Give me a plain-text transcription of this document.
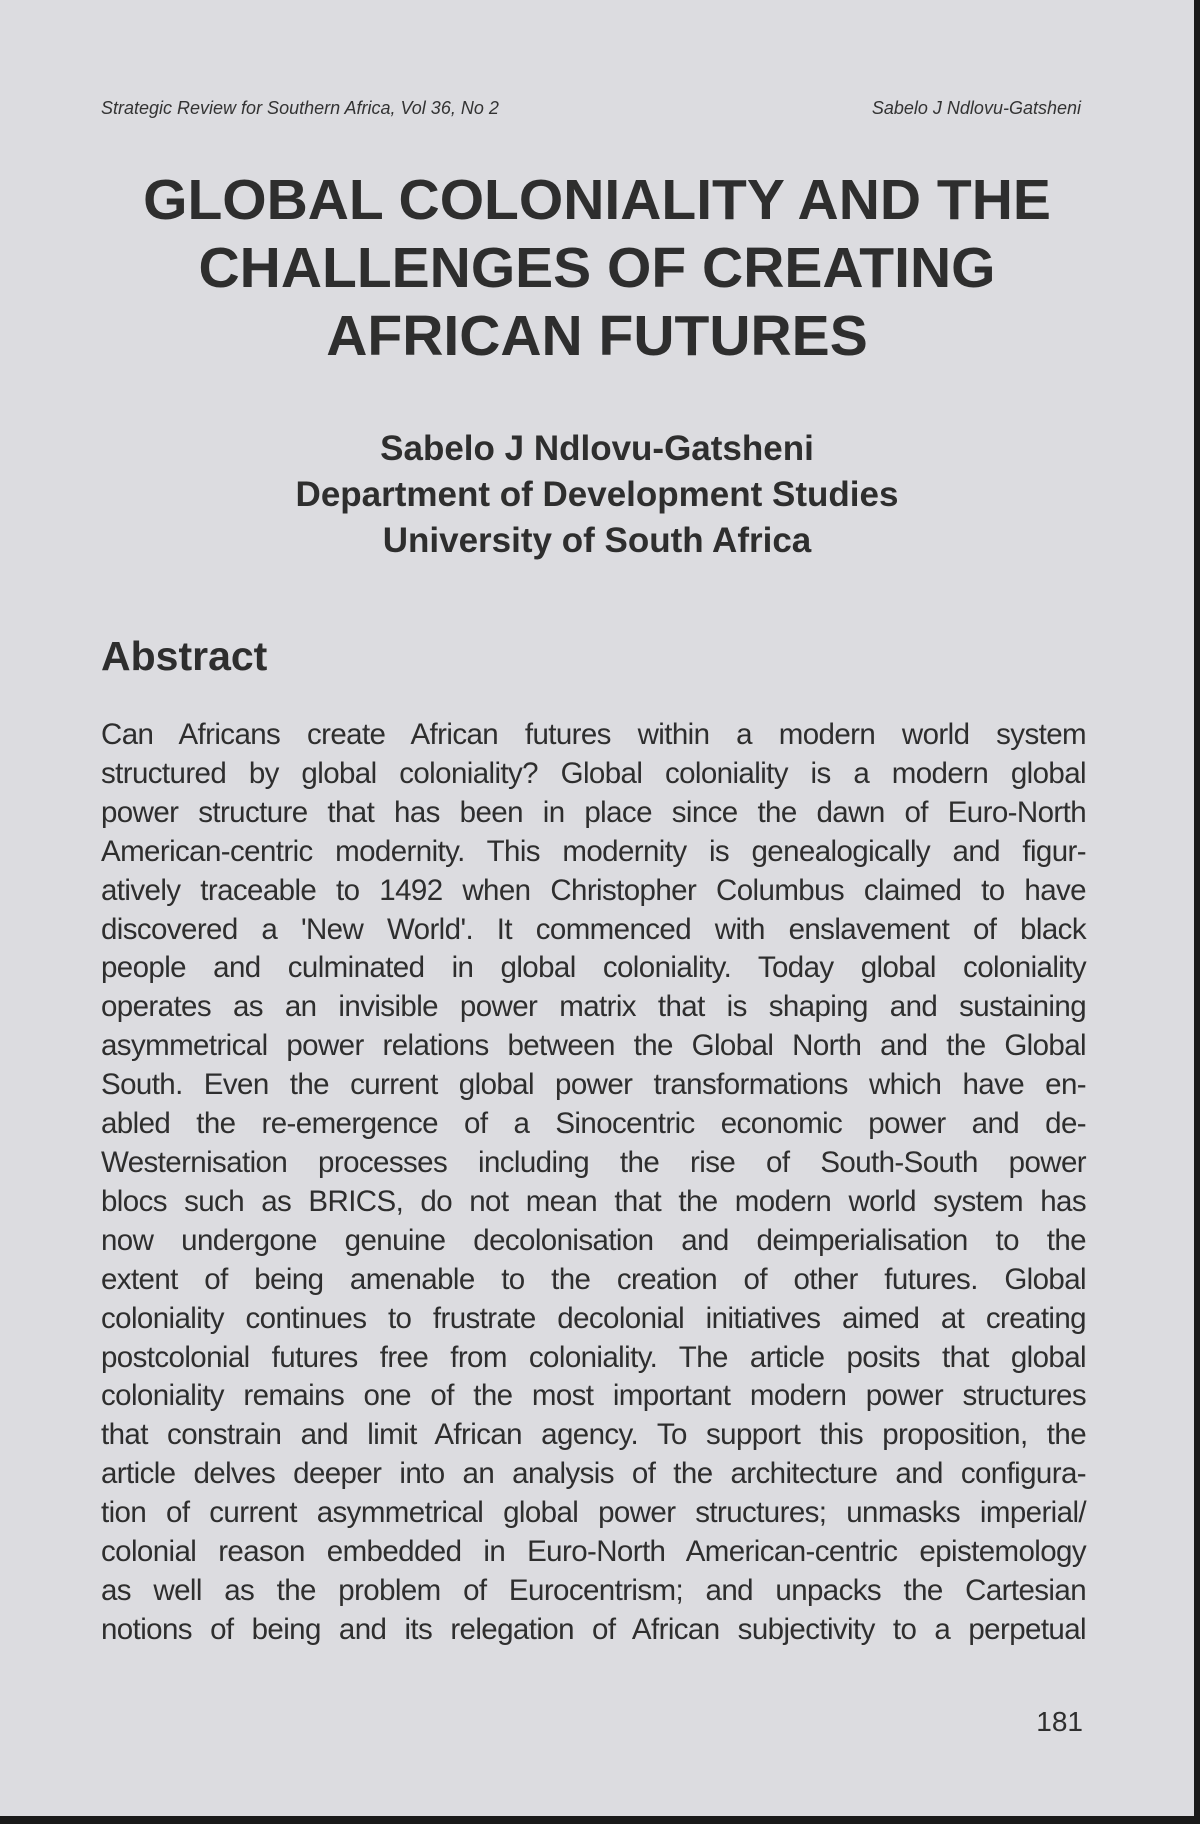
Strategic Review for Southern Africa, Vol 36, No 2	Sabelo J Ndlovu-Gatsheni
GLOBAL COLONIALITY AND THE
CHALLENGES OF CREATING
AFRICAN FUTURES
Sabelo J Ndlovu-Gatsheni
Department of Development Studies
University of South Africa
Abstract
Can Africans create African futures within a modern world system
structured by global coloniality? Global coloniality is a modern global
power structure that has been in place since the dawn of Euro-North
American-centric modernity. This modernity is genealogically and figur-
atively traceable to 1492 when Christopher Columbus claimed to have
discovered a 'New World'. It commenced with enslavement of black
people and culminated in global coloniality. Today global coloniality
operates as an invisible power matrix that is shaping and sustaining
asymmetrical power relations between the Global North and the Global
South. Even the current global power transformations which have en-
abled the re-emergence of a Sinocentric economic power and de-
Westernisation processes including the rise of South-South power
blocs such as BRICS, do not mean that the modern world system has
now undergone genuine decolonisation and deimperialisation to the
extent of being amenable to the creation of other futures. Global
coloniality continues to frustrate decolonial initiatives aimed at creating
postcolonial futures free from coloniality. The article posits that global
coloniality remains one of the most important modern power structures
that constrain and limit African agency. To support this proposition, the
article delves deeper into an analysis of the architecture and configura-
tion of current asymmetrical global power structures; unmasks imperial/
colonial reason embedded in Euro-North American-centric epistemology
as well as the problem of Eurocentrism; and unpacks the Cartesian
notions of being and its relegation of African subjectivity to a perpetual
181
